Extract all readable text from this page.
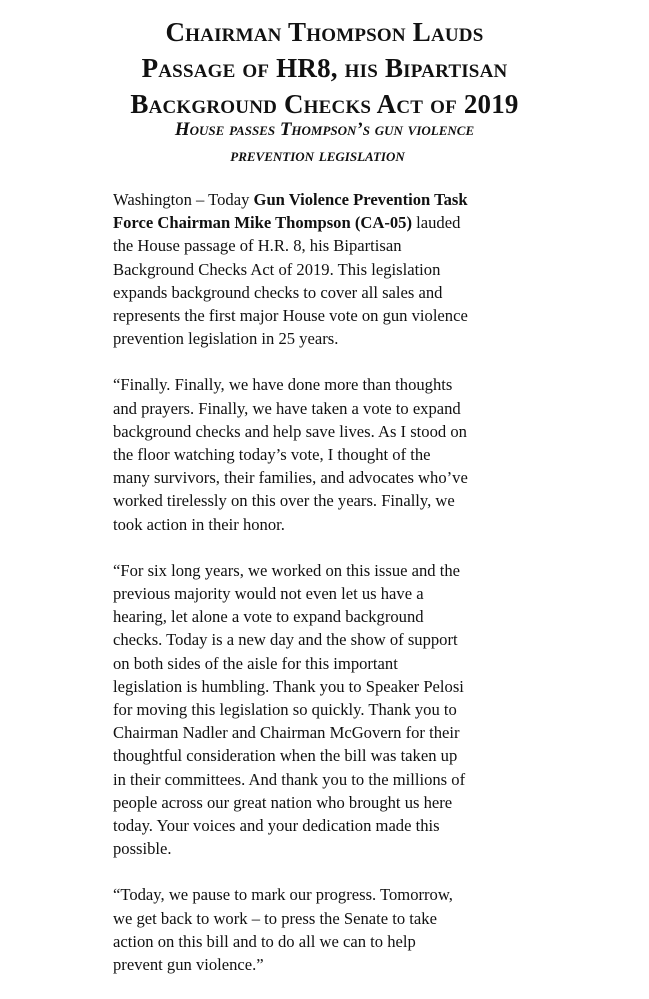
Chairman Thompson Lauds
Passage of HR8, his Bipartisan
Background Checks Act of 2019
House passes Thompson’s gun violence
prevention legislation
Washington – Today Gun Violence Prevention Task
Force Chairman Mike Thompson (CA-05) lauded
the House passage of H.R. 8, his Bipartisan
Background Checks Act of 2019. This legislation
expands background checks to cover all sales and
represents the first major House vote on gun violence
prevention legislation in 25 years.
“Finally. Finally, we have done more than thoughts
and prayers. Finally, we have taken a vote to expand
background checks and help save lives. As I stood on
the floor watching today’s vote, I thought of the
many survivors, their families, and advocates who’ve
worked tirelessly on this over the years. Finally, we
took action in their honor.
“For six long years, we worked on this issue and the
previous majority would not even let us have a
hearing, let alone a vote to expand background
checks. Today is a new day and the show of support
on both sides of the aisle for this important
legislation is humbling. Thank you to Speaker Pelosi
for moving this legislation so quickly. Thank you to
Chairman Nadler and Chairman McGovern for their
thoughtful consideration when the bill was taken up
in their committees. And thank you to the millions of
people across our great nation who brought us here
today. Your voices and your dedication made this
possible.
“Today, we pause to mark our progress. Tomorrow,
we get back to work – to press the Senate to take
action on this bill and to do all we can to help
prevent gun violence.”
